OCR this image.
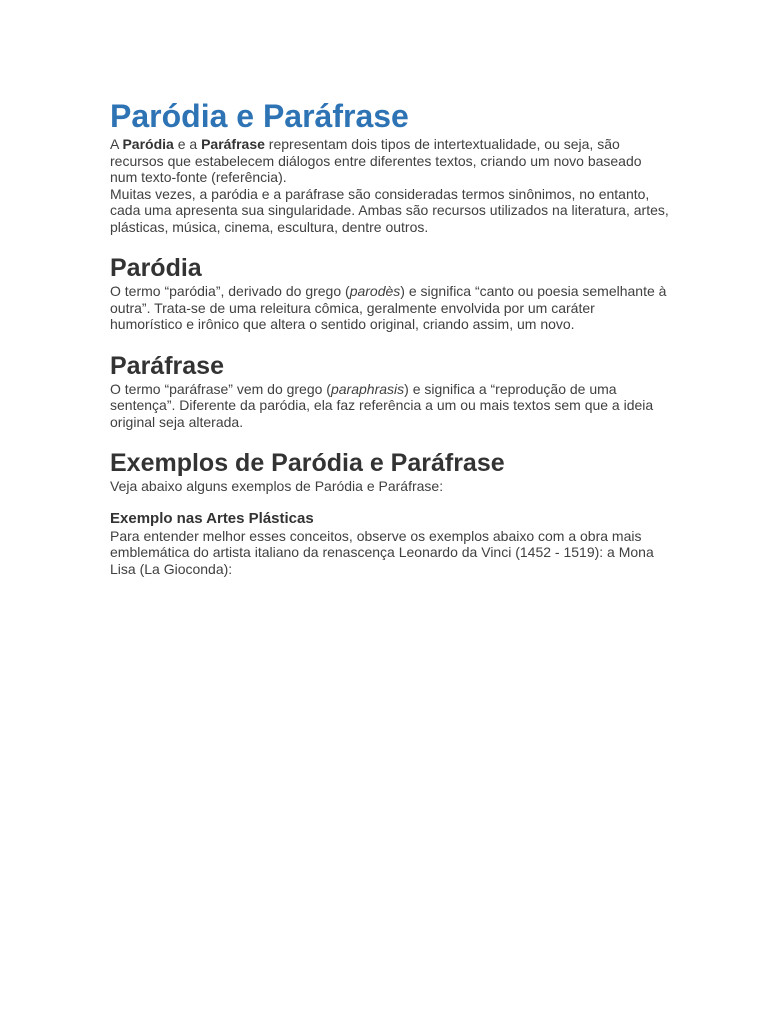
Paródia e Paráfrase

A Paródia e a Paráfrase representam dois tipos de intertextualidade, ou seja, são recursos que estabelecem diálogos entre diferentes textos, criando um novo baseado num texto-fonte (referência).

Muitas vezes, a paródia e a paráfrase são consideradas termos sinônimos, no entanto, cada uma apresenta sua singularidade. Ambas são recursos utilizados na literatura, artes, plásticas, música, cinema, escultura, dentre outros.

Paródia

O termo “paródia”, derivado do grego (parodès) e significa “canto ou poesia semelhante à outra”. Trata-se de uma releitura cômica, geralmente envolvida por um caráter humorístico e irônico que altera o sentido original, criando assim, um novo.

Paráfrase

O termo “paráfrase” vem do grego (paraphrasis) e significa a “reprodução de uma sentença”. Diferente da paródia, ela faz referência a um ou mais textos sem que a ideia original seja alterada.

Exemplos de Paródia e Paráfrase

Veja abaixo alguns exemplos de Paródia e Paráfrase:

Exemplo nas Artes Plásticas

Para entender melhor esses conceitos, observe os exemplos abaixo com a obra mais emblemática do artista italiano da renascença Leonardo da Vinci (1452 - 1519): a Mona Lisa (La Gioconda):
